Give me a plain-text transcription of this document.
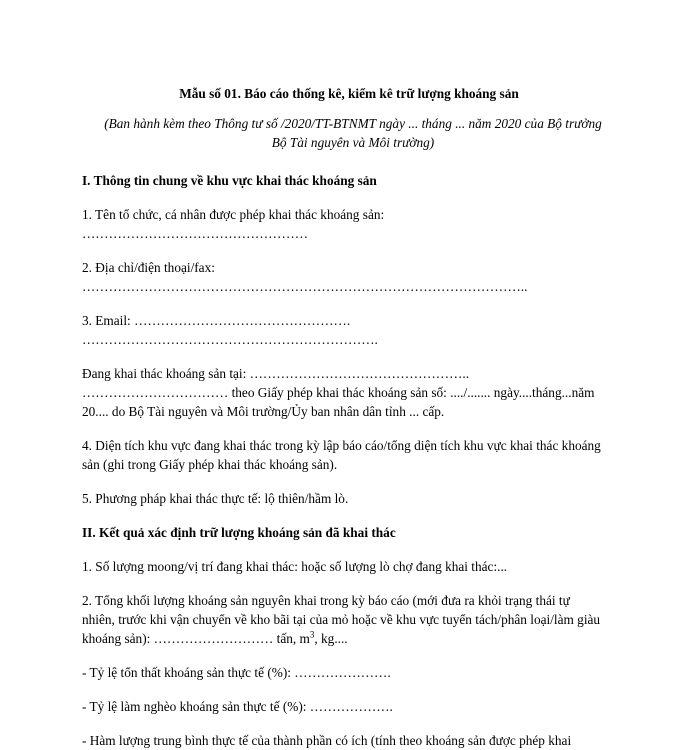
Mẫu số 01. Báo cáo thống kê, kiểm kê trữ lượng khoáng sản
(Ban hành kèm theo Thông tư số /2020/TT-BTNMT ngày ... tháng ... năm 2020 của Bộ trưởng Bộ Tài nguyên và Môi trường)
I. Thông tin chung về khu vực khai thác khoáng sản

1. Tên tổ chức, cá nhân được phép khai thác khoáng sản: ……………………………………………

2. Địa chỉ/điện thoại/fax:
………………………………………………………………………………………..

3. Email: ………………………………………….
………………………………………………………….

Đang khai thác khoáng sản tại: …………………………………………..
…………………………… theo Giấy phép khai thác khoáng sản số: ..../....... ngày....tháng...năm 20.... do Bộ Tài nguyên và Môi trường/Ủy ban nhân dân tỉnh ... cấp.

4. Diện tích khu vực đang khai thác trong kỳ lập báo cáo/tổng diện tích khu vực khai thác khoáng sản (ghi trong Giấy phép khai thác khoáng sản).

5. Phương pháp khai thác thực tế: lộ thiên/hầm lò.

II. Kết quả xác định trữ lượng khoáng sản đã khai thác

1. Số lượng moong/vị trí đang khai thác: hoặc số lượng lò chợ đang khai thác:...

2. Tổng khối lượng khoáng sản nguyên khai trong kỳ báo cáo (mới đưa ra khỏi trạng thái tự nhiên, trước khi vận chuyển về kho bãi tại của mỏ hoặc về khu vực tuyển tách/phân loại/làm giàu khoáng sản): ……………………… tấn, $m^3$, kg....

- Tỷ lệ tổn thất khoáng sản thực tế (%): ………………….

- Tỷ lệ làm nghèo khoáng sản thực tế (%): ……………….

- Hàm lượng trung bình thực tế của thành phần có ích (tính theo khoáng sản được phép khai
